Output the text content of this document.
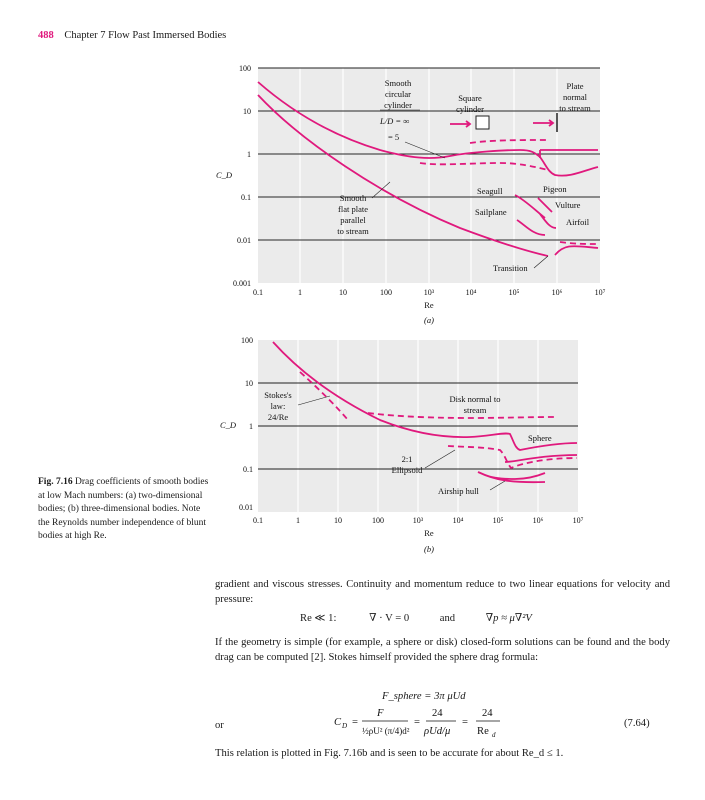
488 Chapter 7 Flow Past Immersed Bodies
100
10
1
0.1
0.01
0.001
0.1	1	10	100	10³	10⁴	10⁵	10⁶	10⁷
C_D
Re
(a)
Smooth
circular
cylinder
L/D = ∞
= 5
Square
cylinder
Plate
normal
to stream
Smooth
flat plate
parallel
to stream
Seagull
Sailplane
Pigeon
Vulture
Airfoil
Transition
100
10
1
0.1
0.01
0.1	1	10	100	10³	10⁴	10⁵	10⁶	10⁷
C_D
Re
(b)
Stokes's
law:
24/Re
Disk normal to
stream
Sphere
2:1
Ellipsoid
Airship hull
Fig. 7.16 Drag coefficients of smooth bodies at low Mach numbers: (a) two-dimensional bodies; (b) three-dimensional bodies. Note the Reynolds number independence of blunt bodies at high Re.
gradient and viscous stresses. Continuity and momentum reduce to two linear equations for velocity and pressure:
Re ≪ 1:	∇ · V = 0	and	∇p ≈ μ∇²V
If the geometry is simple (for example, a sphere or disk) closed-form solutions can be found and the body drag can be computed [2]. Stokes himself provided the sphere drag formula:
F_sphere = 3π μUd
or	C D =
F
½ρU² (π/4)d²
=
24
ρUd/μ
=
24
Re d
(7.64)
This relation is plotted in Fig. 7.16b and is seen to be accurate for about Re_d ≤ 1.
